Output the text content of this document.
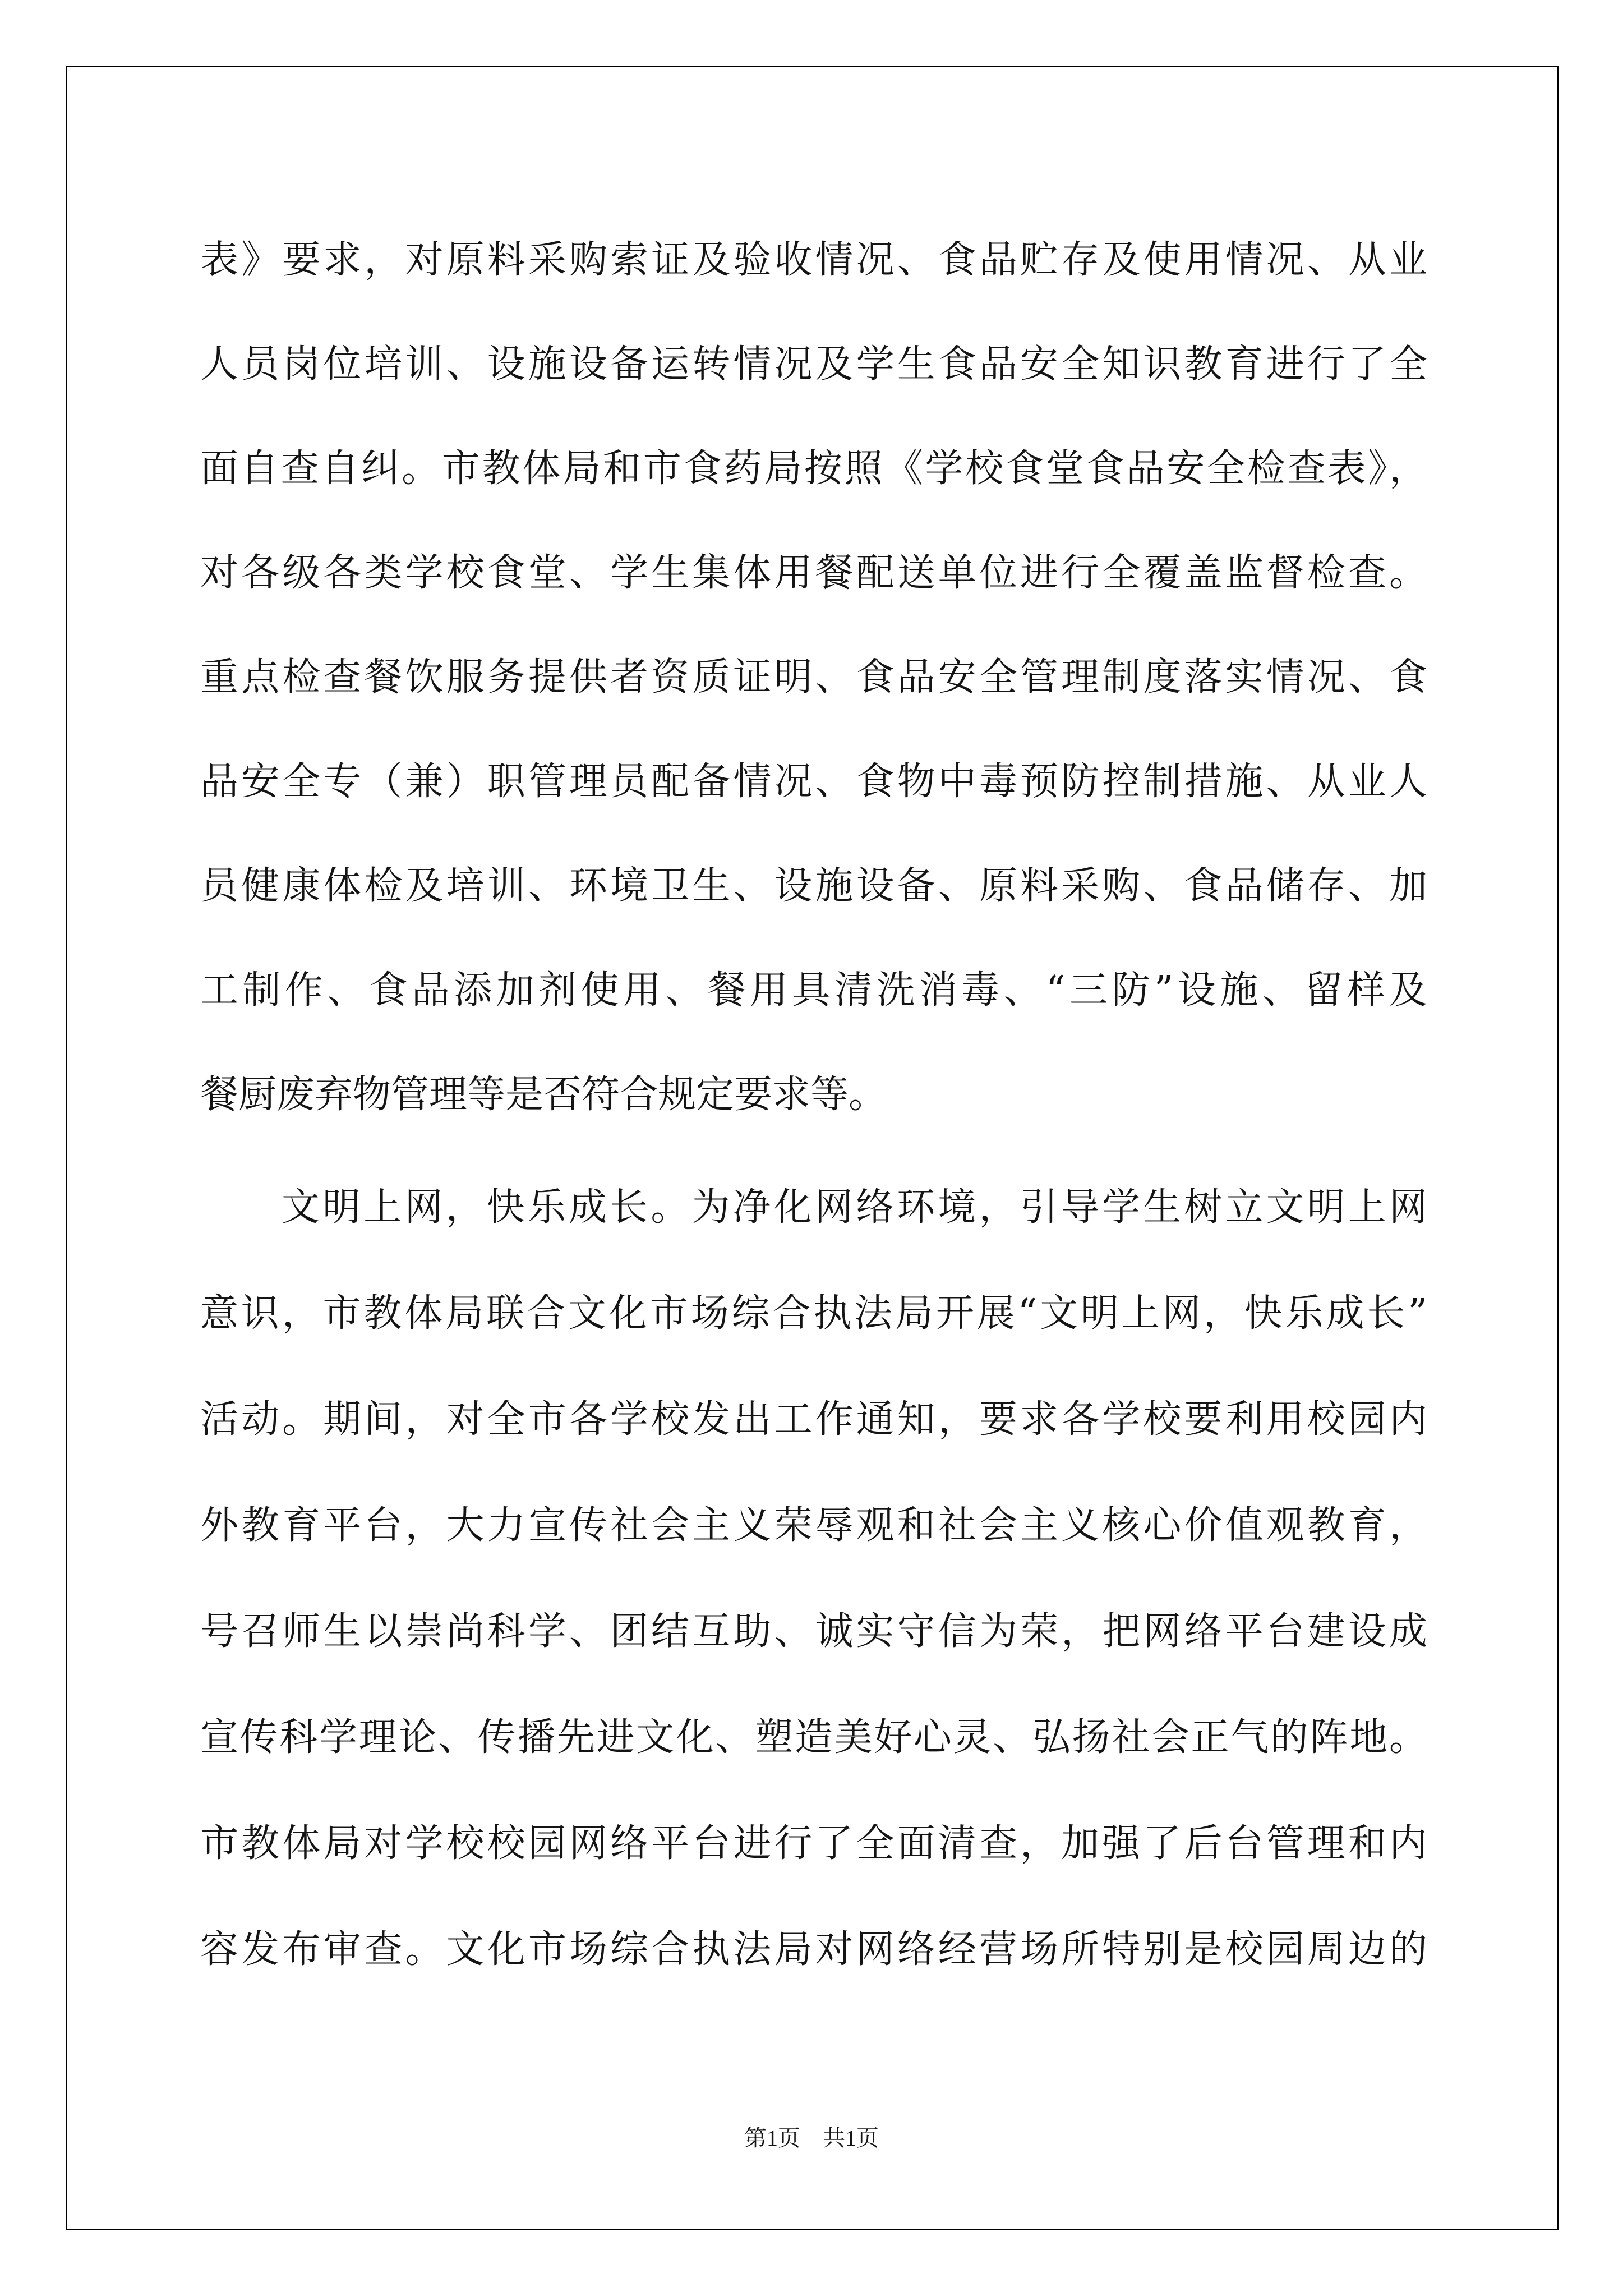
表》要求，对原料采购索证及验收情况、食品贮存及使用情况、从业
人员岗位培训、设施设备运转情况及学生食品安全知识教育进行了全
面自查自纠。市教体局和市食药局按照《学校食堂食品安全检查表》，
对各级各类学校食堂、学生集体用餐配送单位进行全覆盖监督检查。
重点检查餐饮服务提供者资质证明、食品安全管理制度落实情况、食
品安全专（兼）职管理员配备情况、食物中毒预防控制措施、从业人
员健康体检及培训、环境卫生、设施设备、原料采购、食品储存、加
工制作、食品添加剂使用、餐用具清洗消毒、“三防”设施、留样及
餐厨废弃物管理等是否符合规定要求等。
文明上网，快乐成长。为净化网络环境，引导学生树立文明上网
意识，市教体局联合文化市场综合执法局开展“文明上网，快乐成长”
活动。期间，对全市各学校发出工作通知，要求各学校要利用校园内
外教育平台，大力宣传社会主义荣辱观和社会主义核心价值观教育，
号召师生以崇尚科学、团结互助、诚实守信为荣，把网络平台建设成
宣传科学理论、传播先进文化、塑造美好心灵、弘扬社会正气的阵地。
市教体局对学校校园网络平台进行了全面清查，加强了后台管理和内
容发布审查。文化市场综合执法局对网络经营场所特别是校园周边的
第1页　共1页
